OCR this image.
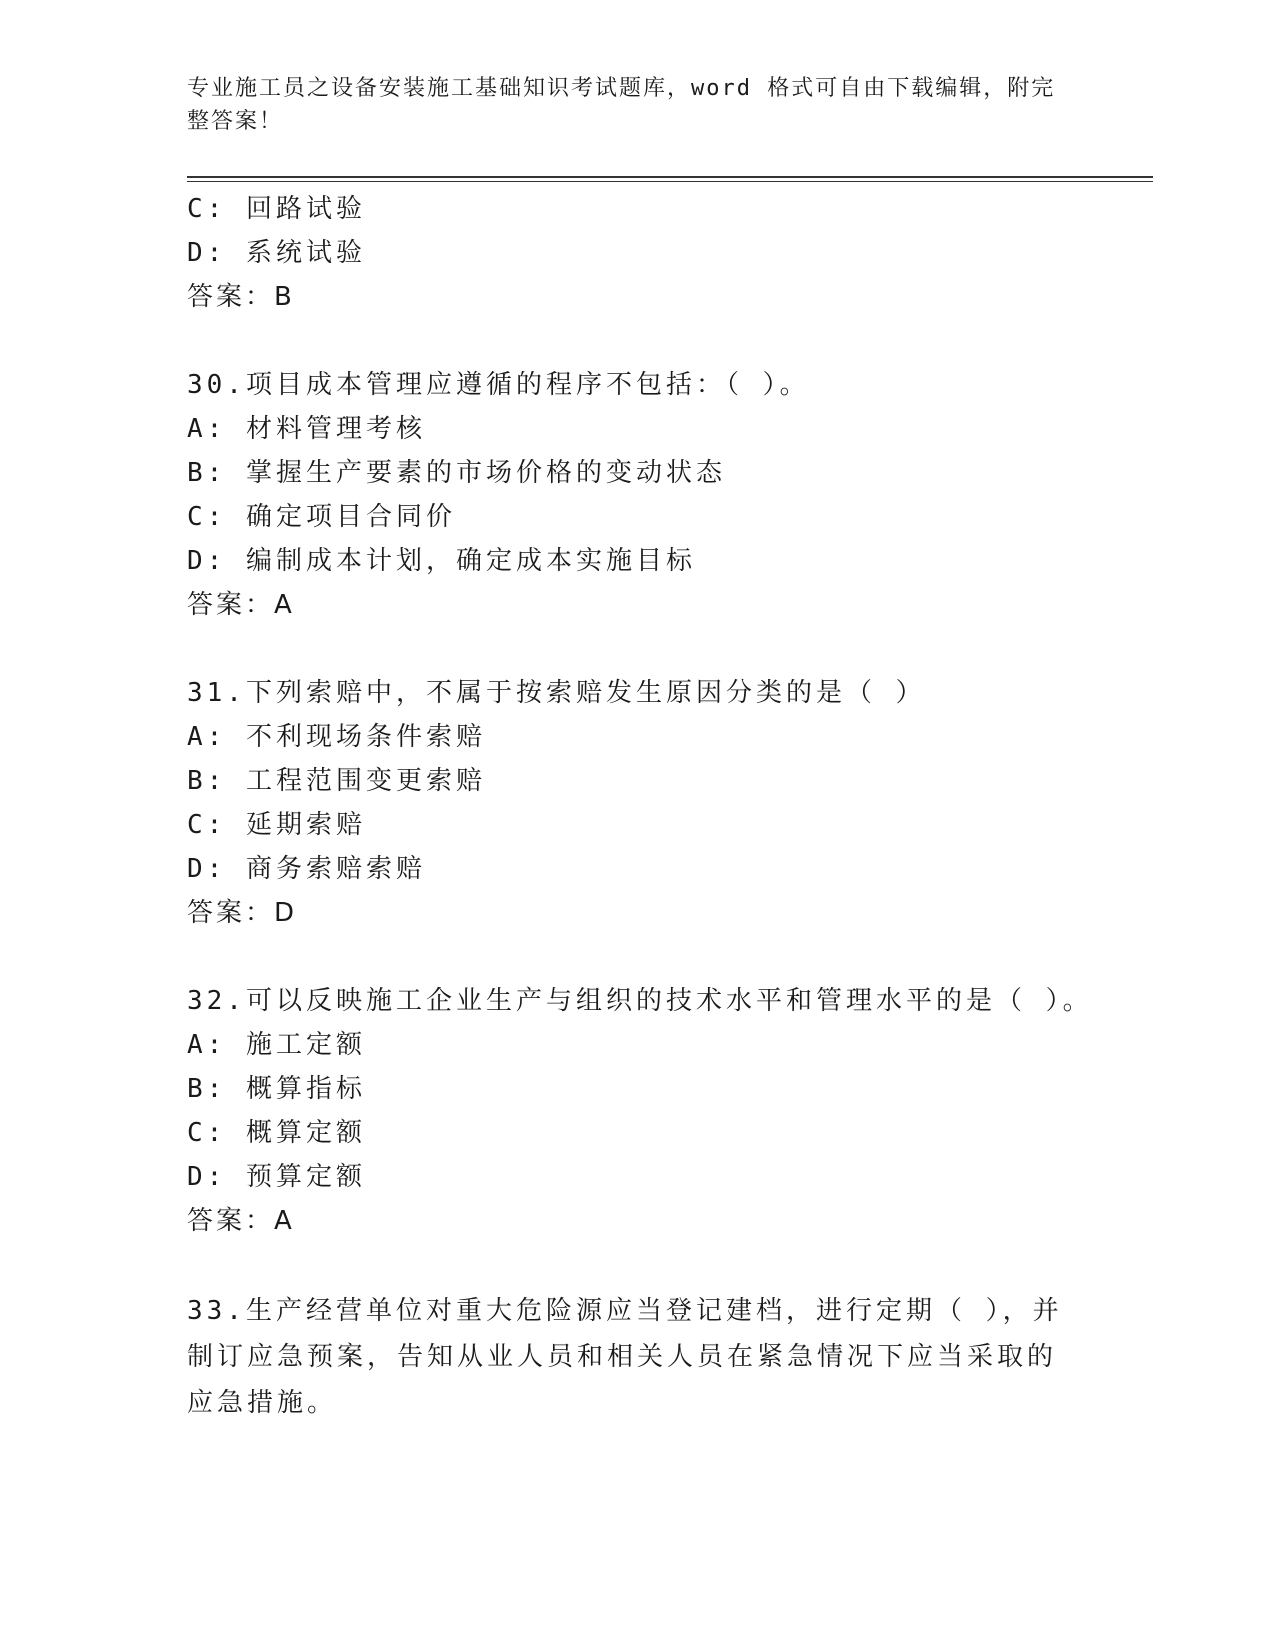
专业施工员之设备安装施工基础知识考试题库，word 格式可自由下载编辑，附完整答案！
C: 回路试验
D: 系统试验
答案：B
30.项目成本管理应遵循的程序不包括：（ ）。
A: 材料管理考核
B: 掌握生产要素的市场价格的变动状态
C: 确定项目合同价
D: 编制成本计划，确定成本实施目标
答案：A
31.下列索赔中，不属于按索赔发生原因分类的是（ ）
A: 不利现场条件索赔
B: 工程范围变更索赔
C: 延期索赔
D: 商务索赔索赔
答案：D
32.可以反映施工企业生产与组织的技术水平和管理水平的是（ ）。
A: 施工定额
B: 概算指标
C: 概算定额
D: 预算定额
答案：A
33.生产经营单位对重大危险源应当登记建档，进行定期（ ），并制订应急预案，告知从业人员和相关人员在紧急情况下应当采取的应急措施。
